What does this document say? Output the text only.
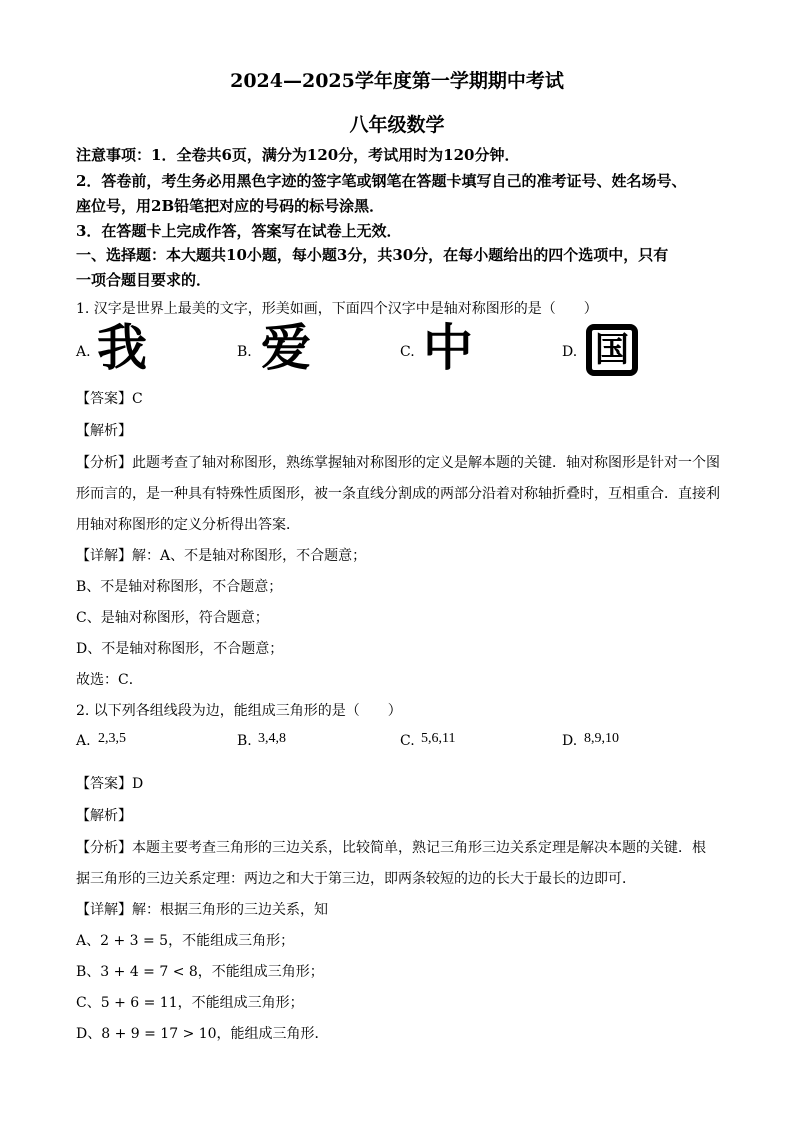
2024—2025学年度第一学期期中考试
八年级数学
注意事项：1．全卷共6页，满分为120分，考试用时为120分钟．
2．答卷前，考生务必用黑色字迹的签字笔或钢笔在答题卡填写自己的准考证号、姓名场号、
座位号，用2B铅笔把对应的号码的标号涂黑．
3．在答题卡上完成作答，答案写在试卷上无效．
一、选择题：本大题共10小题，每小题3分，共30分，在每小题给出的四个选项中，只有
一项合题目要求的．
1. 汉字是世界上最美的文字，形美如画，下面四个汉字中是轴对称图形的是（　　）
A. 我	B. 爱	C. 中	D. 国
【答案】C
【解析】
【分析】此题考查了轴对称图形，熟练掌握轴对称图形的定义是解本题的关键．轴对称图形是针对一个图
形而言的，是一种具有特殊性质图形，被一条直线分割成的两部分沿着对称轴折叠时，互相重合．直接利
用轴对称图形的定义分析得出答案．
【详解】解：A、不是轴对称图形，不合题意；
B、不是轴对称图形，不合题意；
C、是轴对称图形，符合题意；
D、不是轴对称图形，不合题意；
故选：C．
2. 以下列各组线段为边，能组成三角形的是（　　）
A. 2,3,5	B. 3,4,8	C. 5,6,11	D. 8,9,10
【答案】D
【解析】
【分析】本题主要考查三角形的三边关系，比较简单，熟记三角形三边关系定理是解决本题的关键．根
据三角形的三边关系定理：两边之和大于第三边，即两条较短的边的长大于最长的边即可．
【详解】解：根据三角形的三边关系，知
A、2 + 3 = 5，不能组成三角形；
B、3 + 4 = 7 < 8，不能组成三角形；
C、5 + 6 = 11，不能组成三角形；
D、8 + 9 = 17 > 10，能组成三角形．
